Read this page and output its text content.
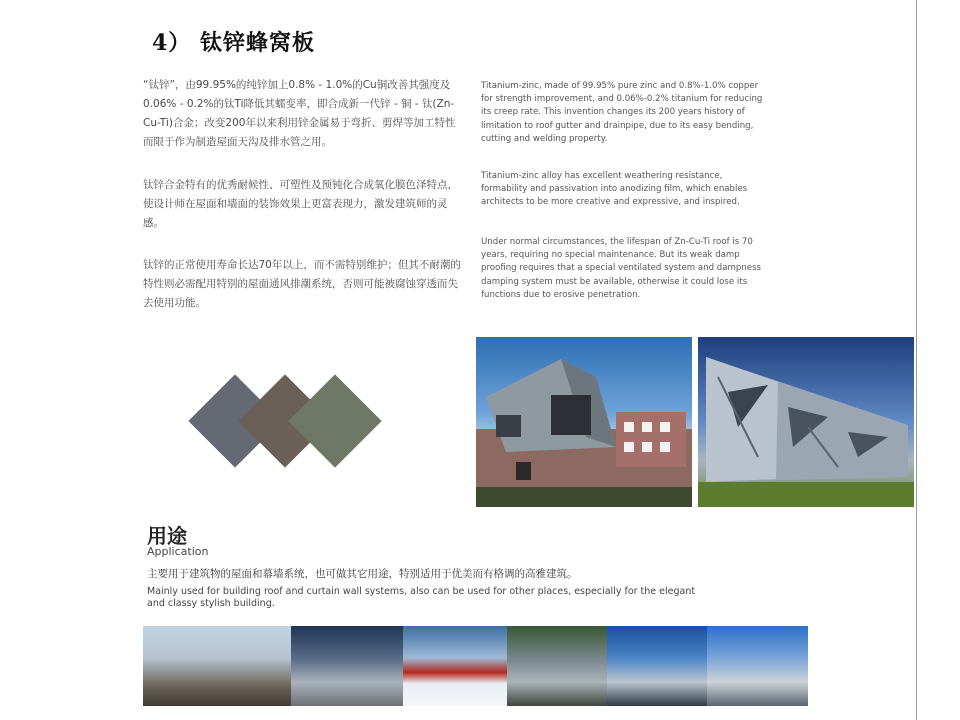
4） 钛锌蜂窝板

“钛锌”，由99.95%的纯锌加上0.8% - 1.0%的Cu铜改善其强度及0.06% - 0.2%的钛Ti降低其蠕变率，即合成新一代锌 - 铜 - 钛(Zn-Cu-Ti)合金；改变200年以来利用锌金属易于弯折、剪焊等加工特性而限于作为制造屋面天沟及排水管之用。

钛锌合金特有的优秀耐候性、可塑性及预钝化合成氧化膜色泽特点，使设计师在屋面和墙面的装饰效果上更富表现力，激发建筑师的灵感。

钛锌的正常使用寿命长达70年以上，而不需特别维护；但其不耐潮的特性则必需配用特别的屋面通风排潮系统，否则可能被腐蚀穿透而失去使用功能。

Titanium-zinc, made of 99.95% pure zinc and 0.8%-1.0% copper for strength improvement, and 0.06%-0.2% titanium for reducing its creep rate. This invention changes its 200 years history of limitation to roof gutter and drainpipe, due to its easy bending, cutting and welding property.

Titanium-zinc alloy has excellent weathering resistance, formability and passivation into anodizing film, which enables architects to be more creative and expressive, and inspired.

Under normal circumstances, the lifespan of Zn-Cu-Ti roof is 70 years, requiring no special maintenance. But its weak damp proofing requires that a special ventilated system and dampness damping system must be available, otherwise it could lose its functions due to erosive penetration.

用途
Application

主要用于建筑物的屋面和幕墙系统，也可做其它用途，特别适用于优美而有格调的高雅建筑。

Mainly used for building roof and curtain wall systems, also can be used for other places, especially for the elegant and classy stylish building.
